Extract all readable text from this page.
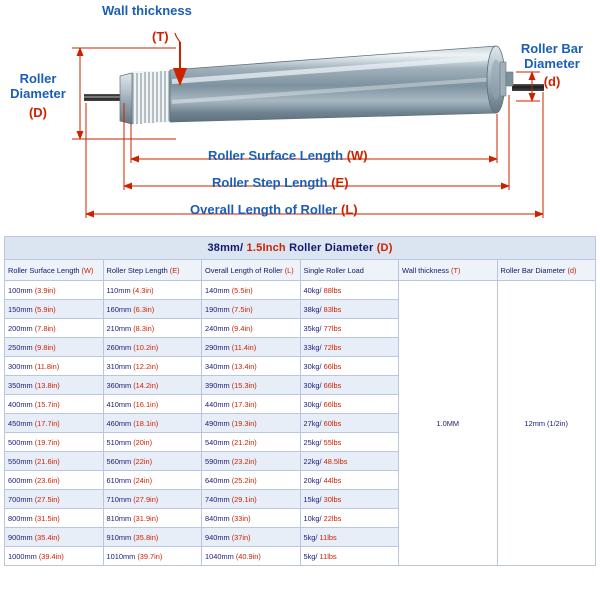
Wall thickness
(T)
Roller
Diameter
(D)
Roller Bar
Diameter
(d)
Roller Surface Length (W)
Roller Step Length (E)
Overall Length of Roller (L)
38mm/ 1.5Inch Roller Diameter (D)					
Roller Surface Length (W)	Roller Step Length (E)	Overall Length of Roller (L)	Single Roller Load	Wall thickness (T)	Roller Bar Diameter (d)
100mm (3.9in)	110mm (4.3in)	140mm (5.5in)	40kg/ 88lbs	1.0MM	12mm (1/2in)
150mm (5.9in)	160mm (6.3in)	190mm (7.5in)	38kg/ 83lbs		
200mm (7.8in)	210mm (8.3in)	240mm (9.4in)	35kg/ 77lbs		
250mm (9.8in)	260mm (10.2in)	290mm (11.4in)	33kg/ 72lbs		
300mm (11.8in)	310mm (12.2in)	340mm (13.4in)	30kg/ 66lbs		
350mm (13.8in)	360mm (14.2in)	390mm (15.3in)	30kg/ 66lbs		
400mm (15.7in)	410mm (16.1in)	440mm (17.3in)	30kg/ 66lbs		
450mm (17.7in)	460mm (18.1in)	490mm (19.3in)	27kg/ 60lbs		
500mm (19.7in)	510mm (20in)	540mm (21.2in)	25kg/ 55lbs		
550mm (21.6in)	560mm (22in)	590mm (23.2in)	22kg/ 48.5lbs		
600mm (23.6in)	610mm (24in)	640mm (25.2in)	20kg/ 44lbs		
700mm (27.5in)	710mm (27.9in)	740mm (29.1in)	15kg/ 30lbs		
800mm (31.5in)	810mm (31.9in)	840mm (33in)	10kg/ 22lbs		
900mm (35.4in)	910mm (35.8in)	940mm (37in)	5kg/ 11lbs		
1000mm (39.4in)	1010mm (39.7in)	1040mm (40.9in)	5kg/ 11lbs		
